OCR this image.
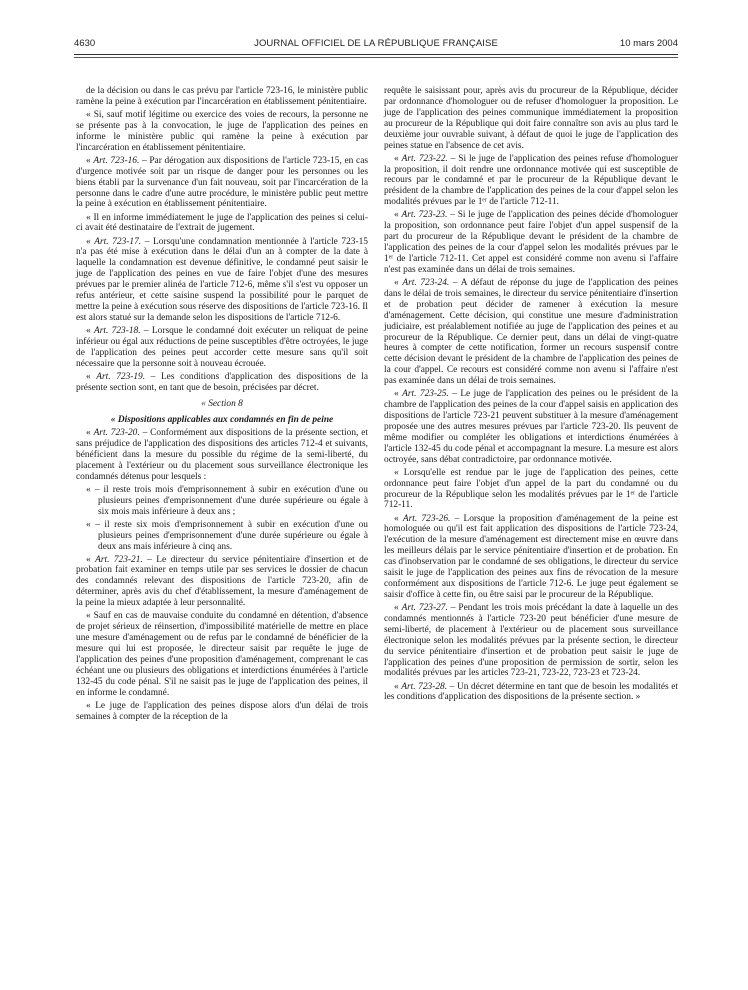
4630	JOURNAL OFFICIEL DE LA RÉPUBLIQUE FRANÇAISE	10 mars 2004

de la décision ou dans le cas prévu par l'article 723-16, le ministère public ramène la peine à exécution par l'incarcération en établissement pénitentiaire.

« Si, sauf motif légitime ou exercice des voies de recours, la personne ne se présente pas à la convocation, le juge de l'application des peines en informe le ministère public qui ramène la peine à exécution par l'incarcération en établissement pénitentiaire.

« Art. 723-16. – Par dérogation aux dispositions de l'article 723-15, en cas d'urgence motivée soit par un risque de danger pour les personnes ou les biens établi par la survenance d'un fait nouveau, soit par l'incarcération de la personne dans le cadre d'une autre procédure, le ministère public peut mettre la peine à exécution en établissement pénitentiaire.

« Il en informe immédiatement le juge de l'application des peines si celui-ci avait été destinataire de l'extrait de jugement.

« Art. 723-17. – Lorsqu'une condamnation mentionnée à l'article 723-15 n'a pas été mise à exécution dans le délai d'un an à compter de la date à laquelle la condamnation est devenue définitive, le condamné peut saisir le juge de l'application des peines en vue de faire l'objet d'une des mesures prévues par le premier alinéa de l'article 712-6, même s'il s'est vu opposer un refus antérieur, et cette saisine suspend la possibilité pour le parquet de mettre la peine à exécution sous réserve des dispositions de l'article 723-16. Il est alors statué sur la demande selon les dispositions de l'article 712-6.

« Art. 723-18. – Lorsque le condamné doit exécuter un reliquat de peine inférieur ou égal aux réductions de peine susceptibles d'être octroyées, le juge de l'application des peines peut accorder cette mesure sans qu'il soit nécessaire que la personne soit à nouveau écrouée.

« Art. 723-19. – Les conditions d'application des dispositions de la présente section sont, en tant que de besoin, précisées par décret.

« Section 8

« Dispositions applicables aux condamnés en fin de peine

« Art. 723-20. – Conformément aux dispositions de la présente section, et sans préjudice de l'application des dispositions des articles 712-4 et suivants, bénéficient dans la mesure du possible du régime de la semi-liberté, du placement à l'extérieur ou du placement sous surveillance électronique les condamnés détenus pour lesquels :

« – il reste trois mois d'emprisonnement à subir en exécution d'une ou plusieurs peines d'emprisonnement d'une durée supérieure ou égale à six mois mais inférieure à deux ans ;

« – il reste six mois d'emprisonnement à subir en exécution d'une ou plusieurs peines d'emprisonnement d'une durée supérieure ou égale à deux ans mais inférieure à cinq ans.

« Art. 723-21. – Le directeur du service pénitentiaire d'insertion et de probation fait examiner en temps utile par ses services le dossier de chacun des condamnés relevant des dispositions de l'article 723-20, afin de déterminer, après avis du chef d'établissement, la mesure d'aménagement de la peine la mieux adaptée à leur personnalité.

« Sauf en cas de mauvaise conduite du condamné en détention, d'absence de projet sérieux de réinsertion, d'impossibilité matérielle de mettre en place une mesure d'aménagement ou de refus par le condamné de bénéficier de la mesure qui lui est proposée, le directeur saisit par requête le juge de l'application des peines d'une proposition d'aménagement, comprenant le cas échéant une ou plusieurs des obligations et interdictions énumérées à l'article 132-45 du code pénal. S'il ne saisit pas le juge de l'application des peines, il en informe le condamné.

« Le juge de l'application des peines dispose alors d'un délai de trois semaines à compter de la réception de la

requête le saisissant pour, après avis du procureur de la République, décider par ordonnance d'homologuer ou de refuser d'homologuer la proposition. Le juge de l'application des peines communique immédiatement la proposition au procureur de la République qui doit faire connaître son avis au plus tard le deuxième jour ouvrable suivant, à défaut de quoi le juge de l'application des peines statue en l'absence de cet avis.

« Art. 723-22. – Si le juge de l'application des peines refuse d'homologuer la proposition, il doit rendre une ordonnance motivée qui est susceptible de recours par le condamné et par le procureur de la République devant le président de la chambre de l'application des peines de la cour d'appel selon les modalités prévues par le 1ᵉʳ de l'article 712-11.

« Art. 723-23. – Si le juge de l'application des peines décide d'homologuer la proposition, son ordonnance peut faire l'objet d'un appel suspensif de la part du procureur de la République devant le président de la chambre de l'application des peines de la cour d'appel selon les modalités prévues par le 1ᵉʳ de l'article 712-11. Cet appel est considéré comme non avenu si l'affaire n'est pas examinée dans un délai de trois semaines.

« Art. 723-24. – A défaut de réponse du juge de l'application des peines dans le délai de trois semaines, le directeur du service pénitentiaire d'insertion et de probation peut décider de ramener à exécution la mesure d'aménagement. Cette décision, qui constitue une mesure d'administration judiciaire, est préalablement notifiée au juge de l'application des peines et au procureur de la République. Ce dernier peut, dans un délai de vingt-quatre heures à compter de cette notification, former un recours suspensif contre cette décision devant le président de la chambre de l'application des peines de la cour d'appel. Ce recours est considéré comme non avenu si l'affaire n'est pas examinée dans un délai de trois semaines.

« Art. 723-25. – Le juge de l'application des peines ou le président de la chambre de l'application des peines de la cour d'appel saisis en application des dispositions de l'article 723-21 peuvent substituer à la mesure d'aménagement proposée une des autres mesures prévues par l'article 723-20. Ils peuvent de même modifier ou compléter les obligations et interdictions énumérées à l'article 132-45 du code pénal et accompagnant la mesure. La mesure est alors octroyée, sans débat contradictoire, par ordonnance motivée.

« Lorsqu'elle est rendue par le juge de l'application des peines, cette ordonnance peut faire l'objet d'un appel de la part du condamné ou du procureur de la République selon les modalités prévues par le 1ᵉʳ de l'article 712-11.

« Art. 723-26. – Lorsque la proposition d'aménagement de la peine est homologuée ou qu'il est fait application des dispositions de l'article 723-24, l'exécution de la mesure d'aménagement est directement mise en œuvre dans les meilleurs délais par le service pénitentiaire d'insertion et de probation. En cas d'inobservation par le condamné de ses obligations, le directeur du service saisit le juge de l'application des peines aux fins de révocation de la mesure conformément aux dispositions de l'article 712-6. Le juge peut également se saisir d'office à cette fin, ou être saisi par le procureur de la République.

« Art. 723-27. – Pendant les trois mois précédant la date à laquelle un des condamnés mentionnés à l'article 723-20 peut bénéficier d'une mesure de semi-liberté, de placement à l'extérieur ou de placement sous surveillance électronique selon les modalités prévues par la présente section, le directeur du service pénitentiaire d'insertion et de probation peut saisir le juge de l'application des peines d'une proposition de permission de sortir, selon les modalités prévues par les articles 723-21, 723-22, 723-23 et 723-24.

« Art. 723-28. – Un décret détermine en tant que de besoin les modalités et les conditions d'application des dispositions de la présente section. »
